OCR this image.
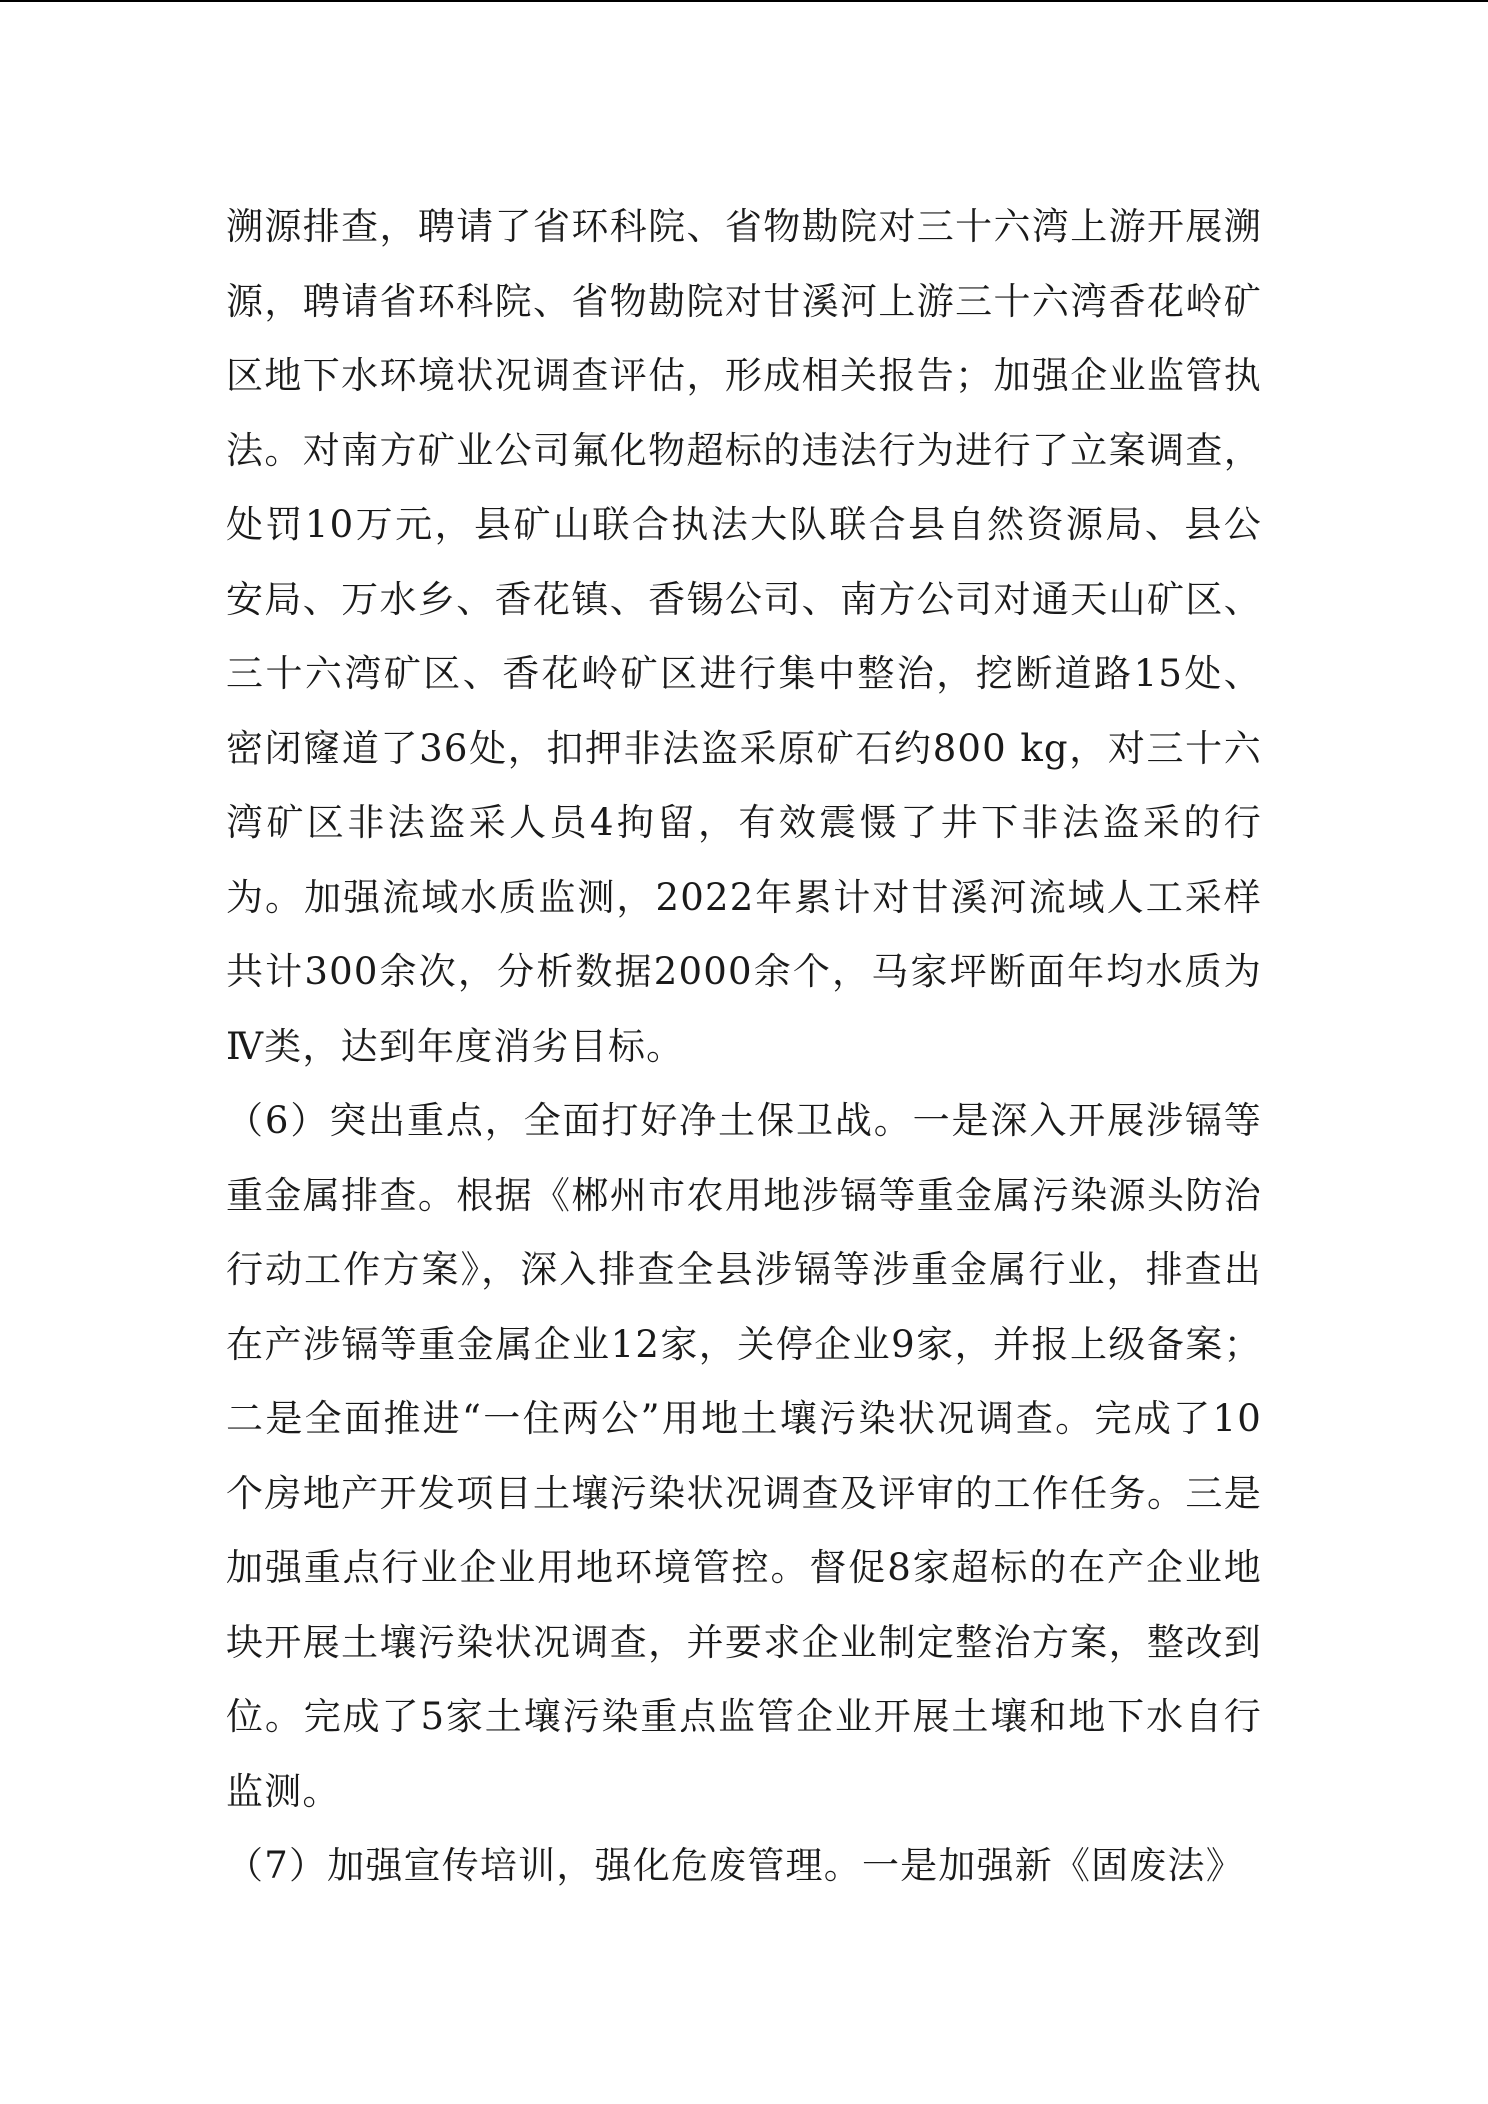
溯源排查，聘请了省环科院、省物勘院对三十六湾上游开展溯源，聘请省环科院、省物勘院对甘溪河上游三十六湾香花岭矿区地下水环境状况调查评估，形成相关报告；加强企业监管执法。对南方矿业公司氟化物超标的违法行为进行了立案调查，处罚10万元，县矿山联合执法大队联合县自然资源局、县公安局、万水乡、香花镇、香锡公司、南方公司对通天山矿区、三十六湾矿区、香花岭矿区进行集中整治，挖断道路15处、密闭窿道了36处，扣押非法盗采原矿石约800 kg，对三十六湾矿区非法盗采人员4拘留，有效震慑了井下非法盗采的行为。加强流域水质监测，2022年累计对甘溪河流域人工采样共计300余次，分析数据2000余个，马家坪断面年均水质为Ⅳ类，达到年度消劣目标。

（6）突出重点，全面打好净土保卫战。一是深入开展涉镉等重金属排查。根据《郴州市农用地涉镉等重金属污染源头防治行动工作方案》，深入排查全县涉镉等涉重金属行业，排查出在产涉镉等重金属企业12家，关停企业9家，并报上级备案；二是全面推进“一住两公”用地土壤污染状况调查。完成了10个房地产开发项目土壤污染状况调查及评审的工作任务。三是加强重点行业企业用地环境管控。督促8家超标的在产企业地块开展土壤污染状况调查，并要求企业制定整治方案，整改到位。完成了5家土壤污染重点监管企业开展土壤和地下水自行监测。

（7）加强宣传培训，强化危废管理。一是加强新《固废法》
